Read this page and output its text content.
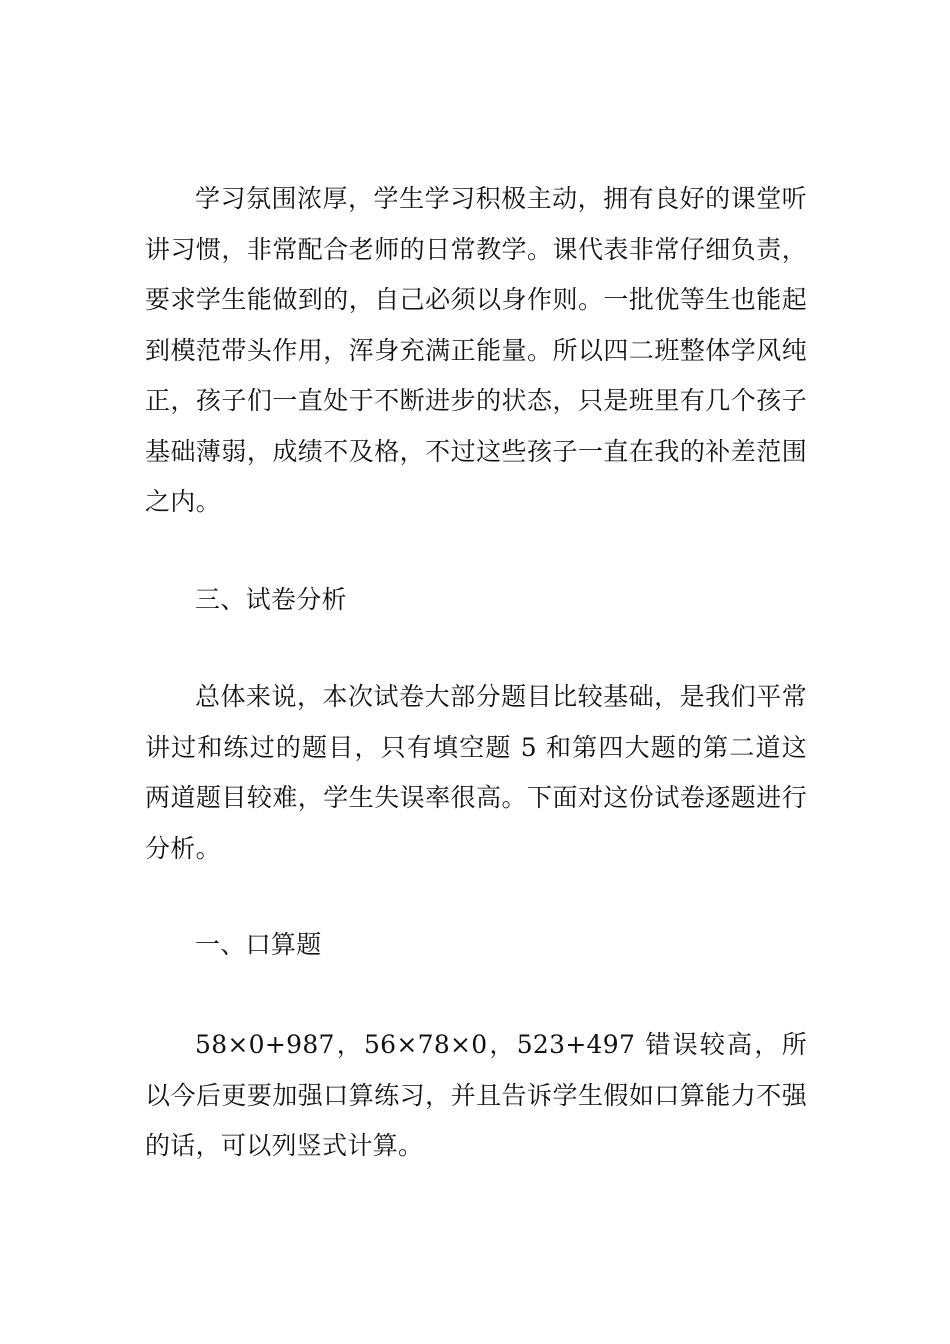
学习氛围浓厚，学生学习积极主动，拥有良好的课堂听讲习惯，非常配合老师的日常教学。课代表非常仔细负责，要求学生能做到的，自己必须以身作则。一批优等生也能起到模范带头作用，浑身充满正能量。所以四二班整体学风纯正，孩子们一直处于不断进步的状态，只是班里有几个孩子基础薄弱，成绩不及格，不过这些孩子一直在我的补差范围之内。

三、试卷分析

总体来说，本次试卷大部分题目比较基础，是我们平常讲过和练过的题目，只有填空题 5 和第四大题的第二道这两道题目较难，学生失误率很高。下面对这份试卷逐题进行分析。

一、口算题

58×0+987，56×78×0，523+497 错误较高，所以今后更要加强口算练习，并且告诉学生假如口算能力不强的话，可以列竖式计算。
